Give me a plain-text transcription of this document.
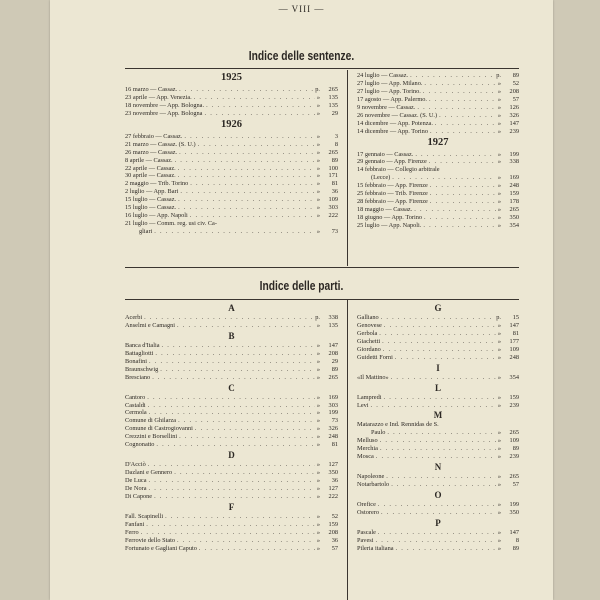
— VIII —
Indice delle sentenze.
1925
16 marzo — Cassaz. . . .	p. 265
23 aprile — App. Venezia. . . .	» 135
18 novembre — App. Bologna. . . .	» 135
23 novembre — App. Bologna . . .	» 29
1926
27 febbraio — Cassaz. . . .	» 3
21 marzo — Cassaz. (S. U.) . . .	» 8
26 marzo — Cassaz. . . .	» 265
8 aprile — Cassaz. . . .	» 89
22 aprile — Cassaz. . . .	» 100
30 aprile — Cassaz. . . .	» 171
2 maggio — Trib. Torino . . .	» 81
2 luglio — App. Bari . . .	» 36
15 luglio — Cassaz. . . .	» 109
15 luglio — Cassaz. . . .	» 303
16 luglio — App. Napoli . . .	» 222
21 luglio — Comm. reg. usi civ. Ca-
gliari . . .	» 73
24 luglio — Cassaz. . . .	p. 89
27 luglio — App. Milano. . . .	» 52
27 luglio — App. Torino. . . .	» 208
17 agosto — App. Palermo. . . .	» 57
9 novembre — Cassaz. . . .	» 126
26 novembre — Cassaz. (S. U.) . . .	» 326
14 dicembre — App. Potenza. . . .	» 147
14 dicembre — App. Torino . . .	» 239
1927
17 gennaio — Cassaz. . . .	» 199
29 gennaio — App. Firenze . . .	» 338
14 febbraio — Collegio arbitrale
(Lecce) . . .	» 169
15 febbraio — App. Firenze . . .	» 248
25 febbraio — Trib. Firenze . . .	» 159
28 febbraio — App. Firenze . . .	» 178
18 maggio — Cassaz. . . .	» 265
18 giugno — App. Torino . . .	» 350
25 luglio — App. Napoli. . . .	» 354
Indice delle parti.
A
Acerbi . . .	p. 338
Anselmi e Camagni . . .	» 135
B
Banca d'Italia . . .	» 147
Battagliotti . . .	» 208
Bonafini . . .	» 29
Braunschwig . . .	» 89
Bresciano . . .	» 265
C
Cantoro . . .	» 169
Castaldi . . .	» 303
Cermola . . .	» 199
Comune di Ghilarza . . .	» 73
Comune di Castrogiovanni . . .	» 326
Crezzini e Borsellini . . .	» 248
Cognonatto . . .	» 81
D
D'Acciò . . .	» 127
Dazlani e Gennero . . .	» 350
De Luca . . .	» 36
De Nora . . .	» 127
Di Capone . . .	» 222
F
Fall. Scapinelli . . .	» 52
Fanfani . . .	» 159
Ferro . . .	» 208
Ferrovie dello Stato . . .	» 36
Fortunato e Gagliani Caputo . . .	» 57
G
Galliano . . .	p. 15
Genovese . . .	» 147
Gerbola . . .	» 81
Giachetti . . .	» 177
Giordano . . .	» 109
Guidetti Forni . . .	» 248
I
«Il Mattino» . . .	» 354
L
Lampredi . . .	» 159
Levi . . .	» 239
M
Matarazzo e Ind. Rennidas de S.
Paulo . . .	» 265
Melluso . . .	» 109
Merchia . . .	» 89
Mosca . . .	» 239
N
Napoleone . . .	» 265
Notarbartolo . . .	» 57
O
Orefice . . .	» 199
Ostorero . . .	» 350
P
Pascale . . .	» 147
Pavesi . . .	» 8
Pileria italiana . . .	» 89
